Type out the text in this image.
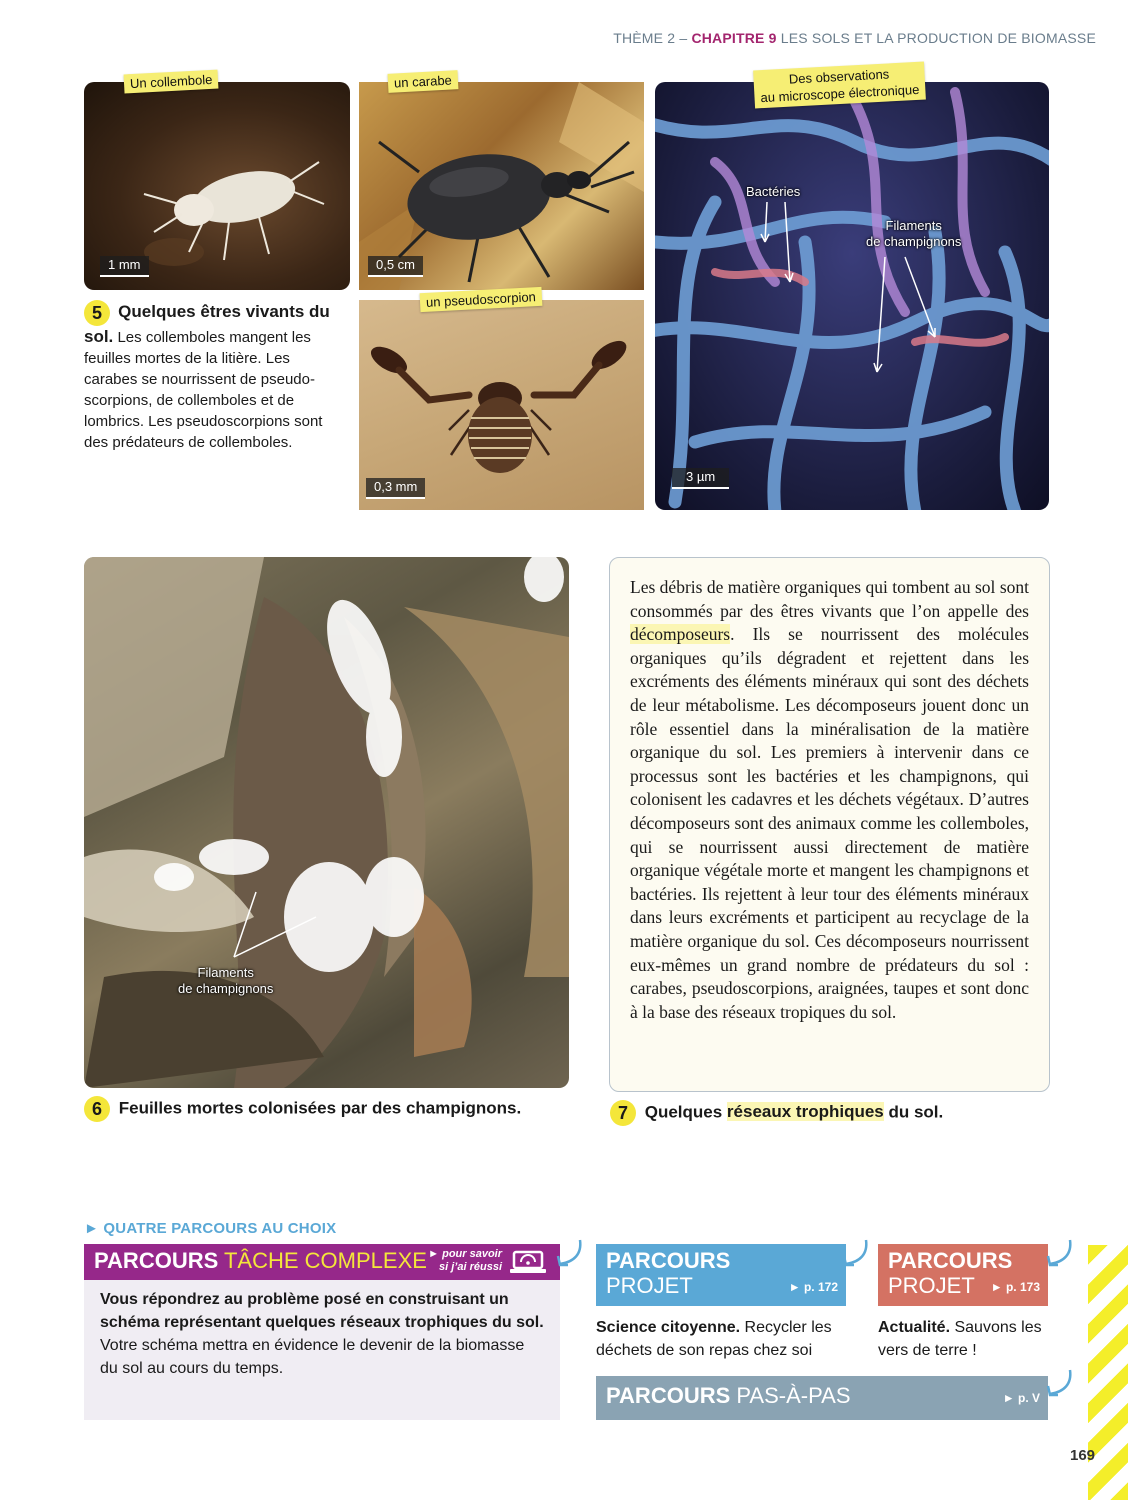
THÈME 2 – CHAPITRE 9 LES SOLS ET LA PRODUCTION DE BIOMASSE
Un collembole
1 mm
un carabe
0,5 cm
un pseudoscorpion
0,3 mm
Des observations
au microscope électronique
Bactéries
Filaments
de champignons
3 µm
5 Quelques êtres vivants du sol. Les collemboles mangent les feuilles mortes de la litière. Les carabes se nourrissent de pseudo-scorpions, de collemboles et de lombrics. Les pseudoscorpions sont des prédateurs de collemboles.
Filaments
de champignons
6 Feuilles mortes colonisées par des champignons.
Les débris de matière organiques qui tombent au sol sont consommés par des êtres vivants que l’on appelle des décomposeurs. Ils se nourrissent des molécules organiques qu’ils dégradent et rejettent dans les excréments des éléments minéraux qui sont des déchets de leur métabolisme. Les décomposeurs jouent donc un rôle essentiel dans la minéralisation de la matière organique du sol. Les premiers à intervenir dans ce processus sont les bactéries et les champignons, qui colonisent les cadavres et les déchets végétaux. D’autres décomposeurs sont des animaux comme les collemboles, qui se nourrissent aussi directement de matière organique végétale morte et mangent les champignons et bactéries. Ils rejettent à leur tour des éléments minéraux dans leurs excréments et participent au recyclage de la matière organique du sol. Ces décomposeurs nourrissent eux-mêmes un grand nombre de prédateurs du sol : carabes, pseudoscorpions, araignées, taupes et sont donc à la base des réseaux tropiques du sol.
7 Quelques réseaux trophiques du sol.
► QUATRE PARCOURS AU CHOIX
PARCOURS TÂCHE COMPLEXE ► pour savoir
si j’ai réussi
Vous répondrez au problème posé en construisant un schéma représentant quelques réseaux trophiques du sol.
Votre schéma mettra en évidence le devenir de la biomasse du sol au cours du temps.
PARCOURS
PROJET	► p. 172
Science citoyenne. Recycler les déchets de son repas chez soi
PARCOURS
PROJET	► p. 173
Actualité. Sauvons les vers de terre !
PARCOURS PAS-À-PAS	► p. V
169
